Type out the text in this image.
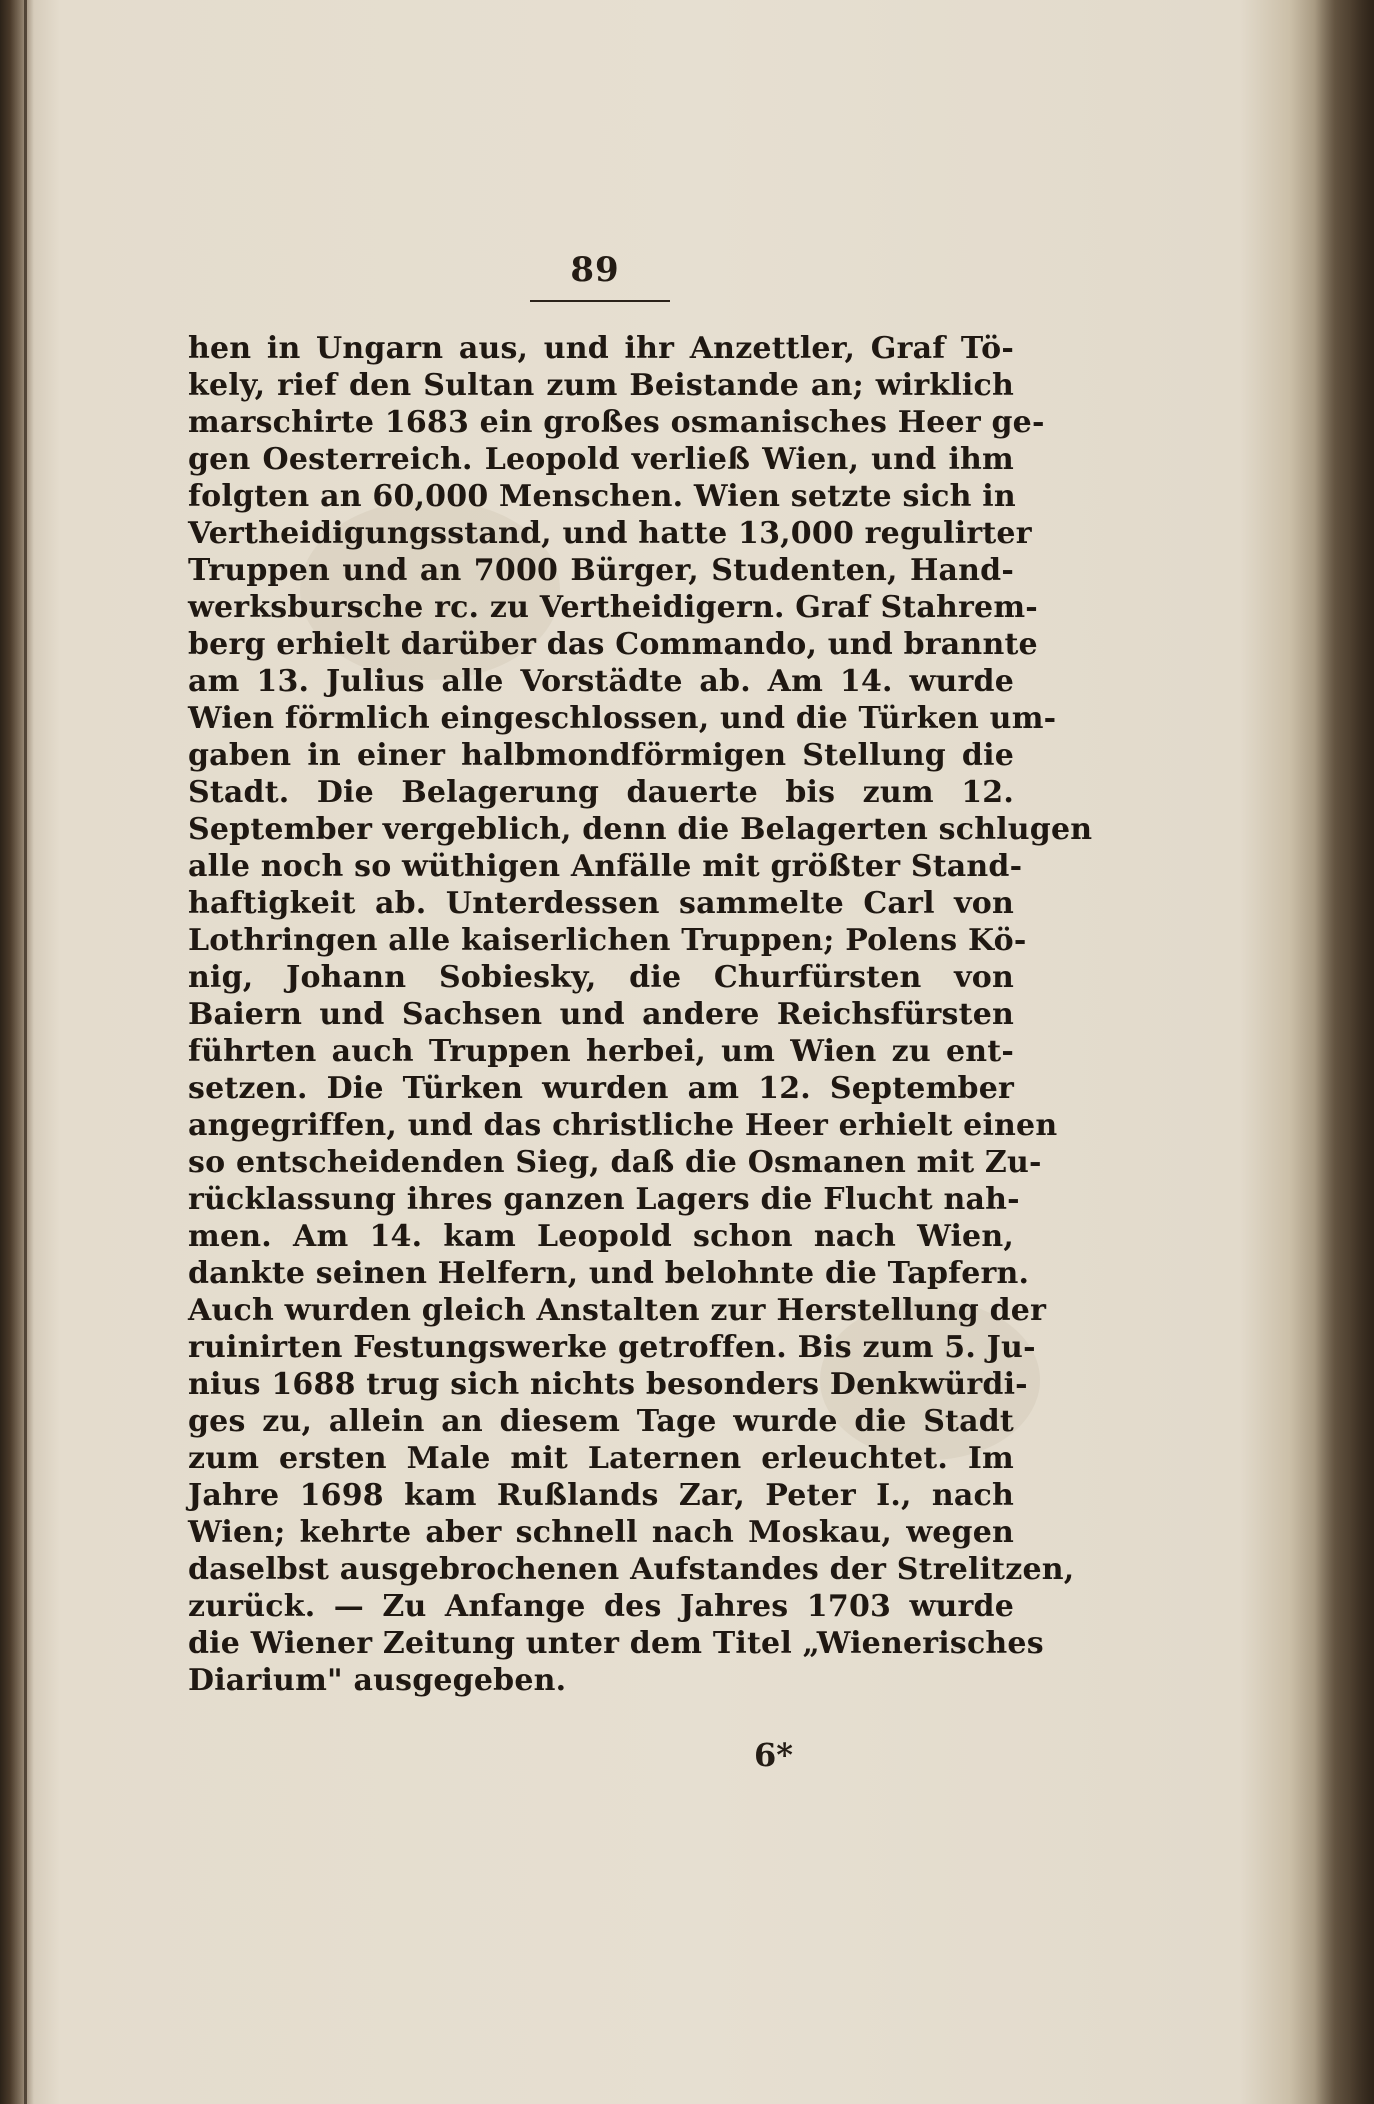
89
hen in Ungarn aus, und ihr Anzettler, Graf Tö-
kely, rief den Sultan zum Beistande an; wirklich
marschirte 1683 ein großes osmanisches Heer ge-
gen Oesterreich. Leopold verließ Wien, und ihm
folgten an 60,000 Menschen. Wien setzte sich in
Vertheidigungsstand, und hatte 13,000 regulirter
Truppen und an 7000 Bürger, Studenten, Hand-
werksbursche rc. zu Vertheidigern. Graf Stahrem-
berg erhielt darüber das Commando, und brannte
am 13. Julius alle Vorstädte ab. Am 14. wurde
Wien förmlich eingeschlossen, und die Türken um-
gaben in einer halbmondförmigen Stellung die
Stadt. Die Belagerung dauerte bis zum 12.
September vergeblich, denn die Belagerten schlugen
alle noch so wüthigen Anfälle mit größter Stand-
haftigkeit ab. Unterdessen sammelte Carl von
Lothringen alle kaiserlichen Truppen; Polens Kö-
nig, Johann Sobiesky, die Churfürsten von
Baiern und Sachsen und andere Reichsfürsten
führten auch Truppen herbei, um Wien zu ent-
setzen. Die Türken wurden am 12. September
angegriffen, und das christliche Heer erhielt einen
so entscheidenden Sieg, daß die Osmanen mit Zu-
rücklassung ihres ganzen Lagers die Flucht nah-
men. Am 14. kam Leopold schon nach Wien,
dankte seinen Helfern, und belohnte die Tapfern.
Auch wurden gleich Anstalten zur Herstellung der
ruinirten Festungswerke getroffen. Bis zum 5. Ju-
nius 1688 trug sich nichts besonders Denkwürdi-
ges zu, allein an diesem Tage wurde die Stadt
zum ersten Male mit Laternen erleuchtet. Im
Jahre 1698 kam Rußlands Zar, Peter I., nach
Wien; kehrte aber schnell nach Moskau, wegen
daselbst ausgebrochenen Aufstandes der Strelitzen,
zurück. — Zu Anfange des Jahres 1703 wurde
die Wiener Zeitung unter dem Titel „Wienerisches
Diarium" ausgegeben.
6*
